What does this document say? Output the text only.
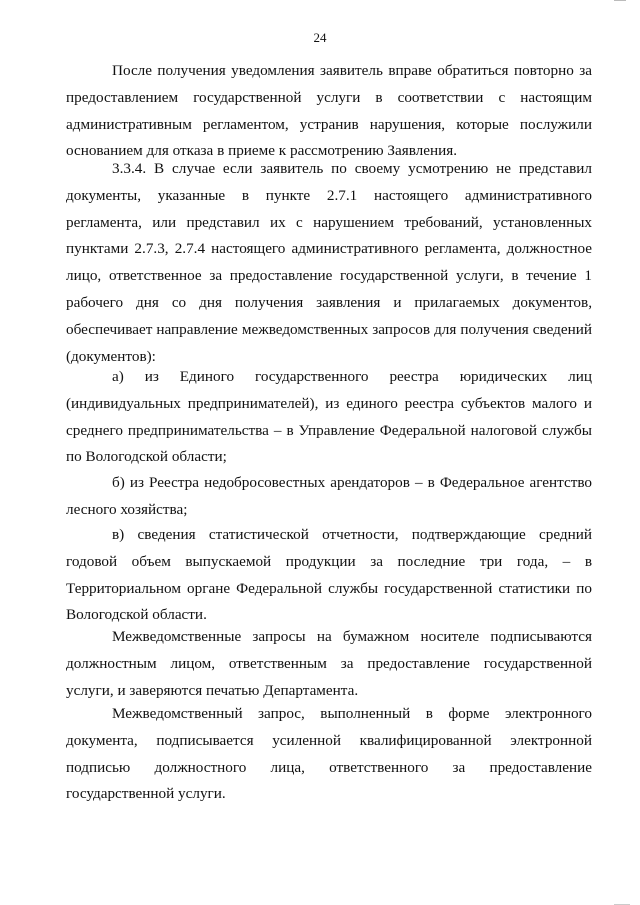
24

После получения уведомления заявитель вправе обратиться повторно за предоставлением государственной услуги в соответствии с настоящим административным регламентом, устранив нарушения, которые послужили основанием для отказа в приеме к рассмотрению Заявления.

3.3.4. В случае если заявитель по своему усмотрению не представил документы, указанные в пункте 2.7.1 настоящего административного регламента, или представил их с нарушением требований, установленных пунктами 2.7.3, 2.7.4 настоящего административного регламента, должностное лицо, ответственное за предоставление государственной услуги, в течение 1 рабочего дня со дня получения заявления и прилагаемых документов, обеспечивает направление межведомственных запросов для получения сведений (документов):

а) из Единого государственного реестра юридических лиц (индивидуальных предпринимателей), из единого реестра субъектов малого и среднего предпринимательства – в Управление Федеральной налоговой службы по Вологодской области;

б) из Реестра недобросовестных арендаторов – в Федеральное агентство лесного хозяйства;

в) сведения статистической отчетности, подтверждающие средний годовой объем выпускаемой продукции за последние три года, – в Территориальном органе Федеральной службы государственной статистики по Вологодской области.

Межведомственные запросы на бумажном носителе подписываются должностным лицом, ответственным за предоставление государственной услуги, и заверяются печатью Департамента.

Межведомственный запрос, выполненный в форме электронного документа, подписывается усиленной квалифицированной электронной подписью должностного лица, ответственного за предоставление государственной услуги.
